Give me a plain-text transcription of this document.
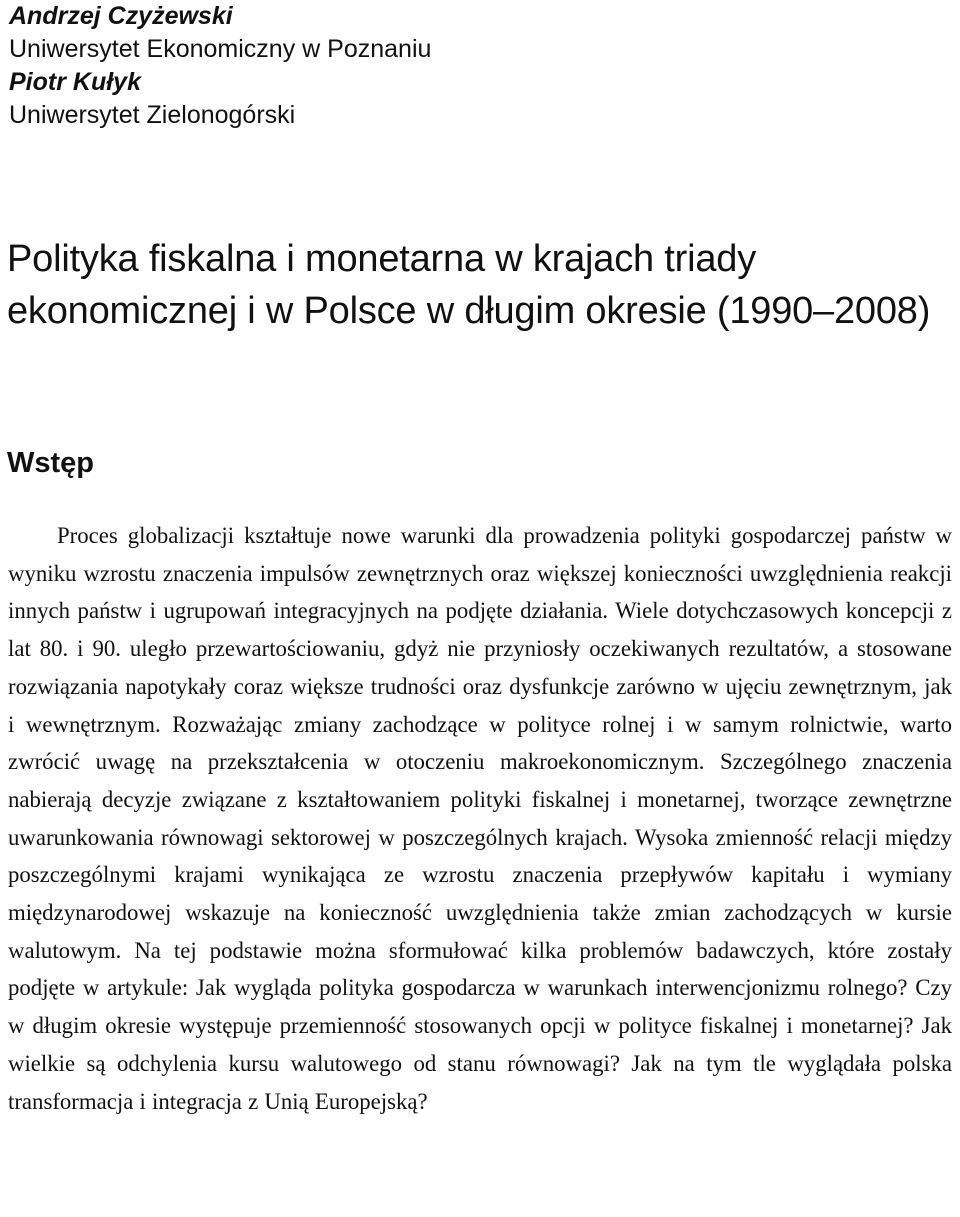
Andrzej Czyżewski
Uniwersytet Ekonomiczny w Poznaniu
Piotr Kułyk
Uniwersytet Zielonogórski
Polityka fiskalna i monetarna w krajach triady ekonomicznej i w Polsce w długim okresie (1990–2008)
Wstęp

Proces globalizacji kształtuje nowe warunki dla prowadzenia polityki gospodarczej państw w wyniku wzrostu znaczenia impulsów zewnętrznych oraz większej konieczności uwzględnienia reakcji innych państw i ugrupowań integracyjnych na podjęte działania. Wiele dotychczasowych koncepcji z lat 80. i 90. uległo przewartościowaniu, gdyż nie przyniosły oczekiwanych rezultatów, a stosowane rozwiązania napotykały coraz większe trudności oraz dysfunkcje zarówno w ujęciu zewnętrznym, jak i wewnętrznym. Rozważając zmiany zachodzące w polityce rolnej i w samym rolnictwie, warto zwrócić uwagę na przekształcenia w otoczeniu makroekonomicznym. Szczególnego znaczenia nabierają decyzje związane z kształtowaniem polityki fiskalnej i monetarnej, tworzące zewnętrzne uwarunkowania równowagi sektorowej w poszczególnych krajach. Wysoka zmienność relacji między poszczególnymi krajami wynikająca ze wzrostu znaczenia przepływów kapitału i wymiany międzynarodowej wskazuje na konieczność uwzględnienia także zmian zachodzących w kursie walutowym. Na tej podstawie można sformułować kilka problemów badawczych, które zostały podjęte w artykule: Jak wygląda polityka gospodarcza w warunkach interwencjonizmu rolnego? Czy w długim okresie występuje przemienność stosowanych opcji w polityce fiskalnej i monetarnej? Jak wielkie są odchylenia kursu walutowego od stanu równowagi? Jak na tym tle wyglądała polska transformacja i integracja z Unią Europejską?
